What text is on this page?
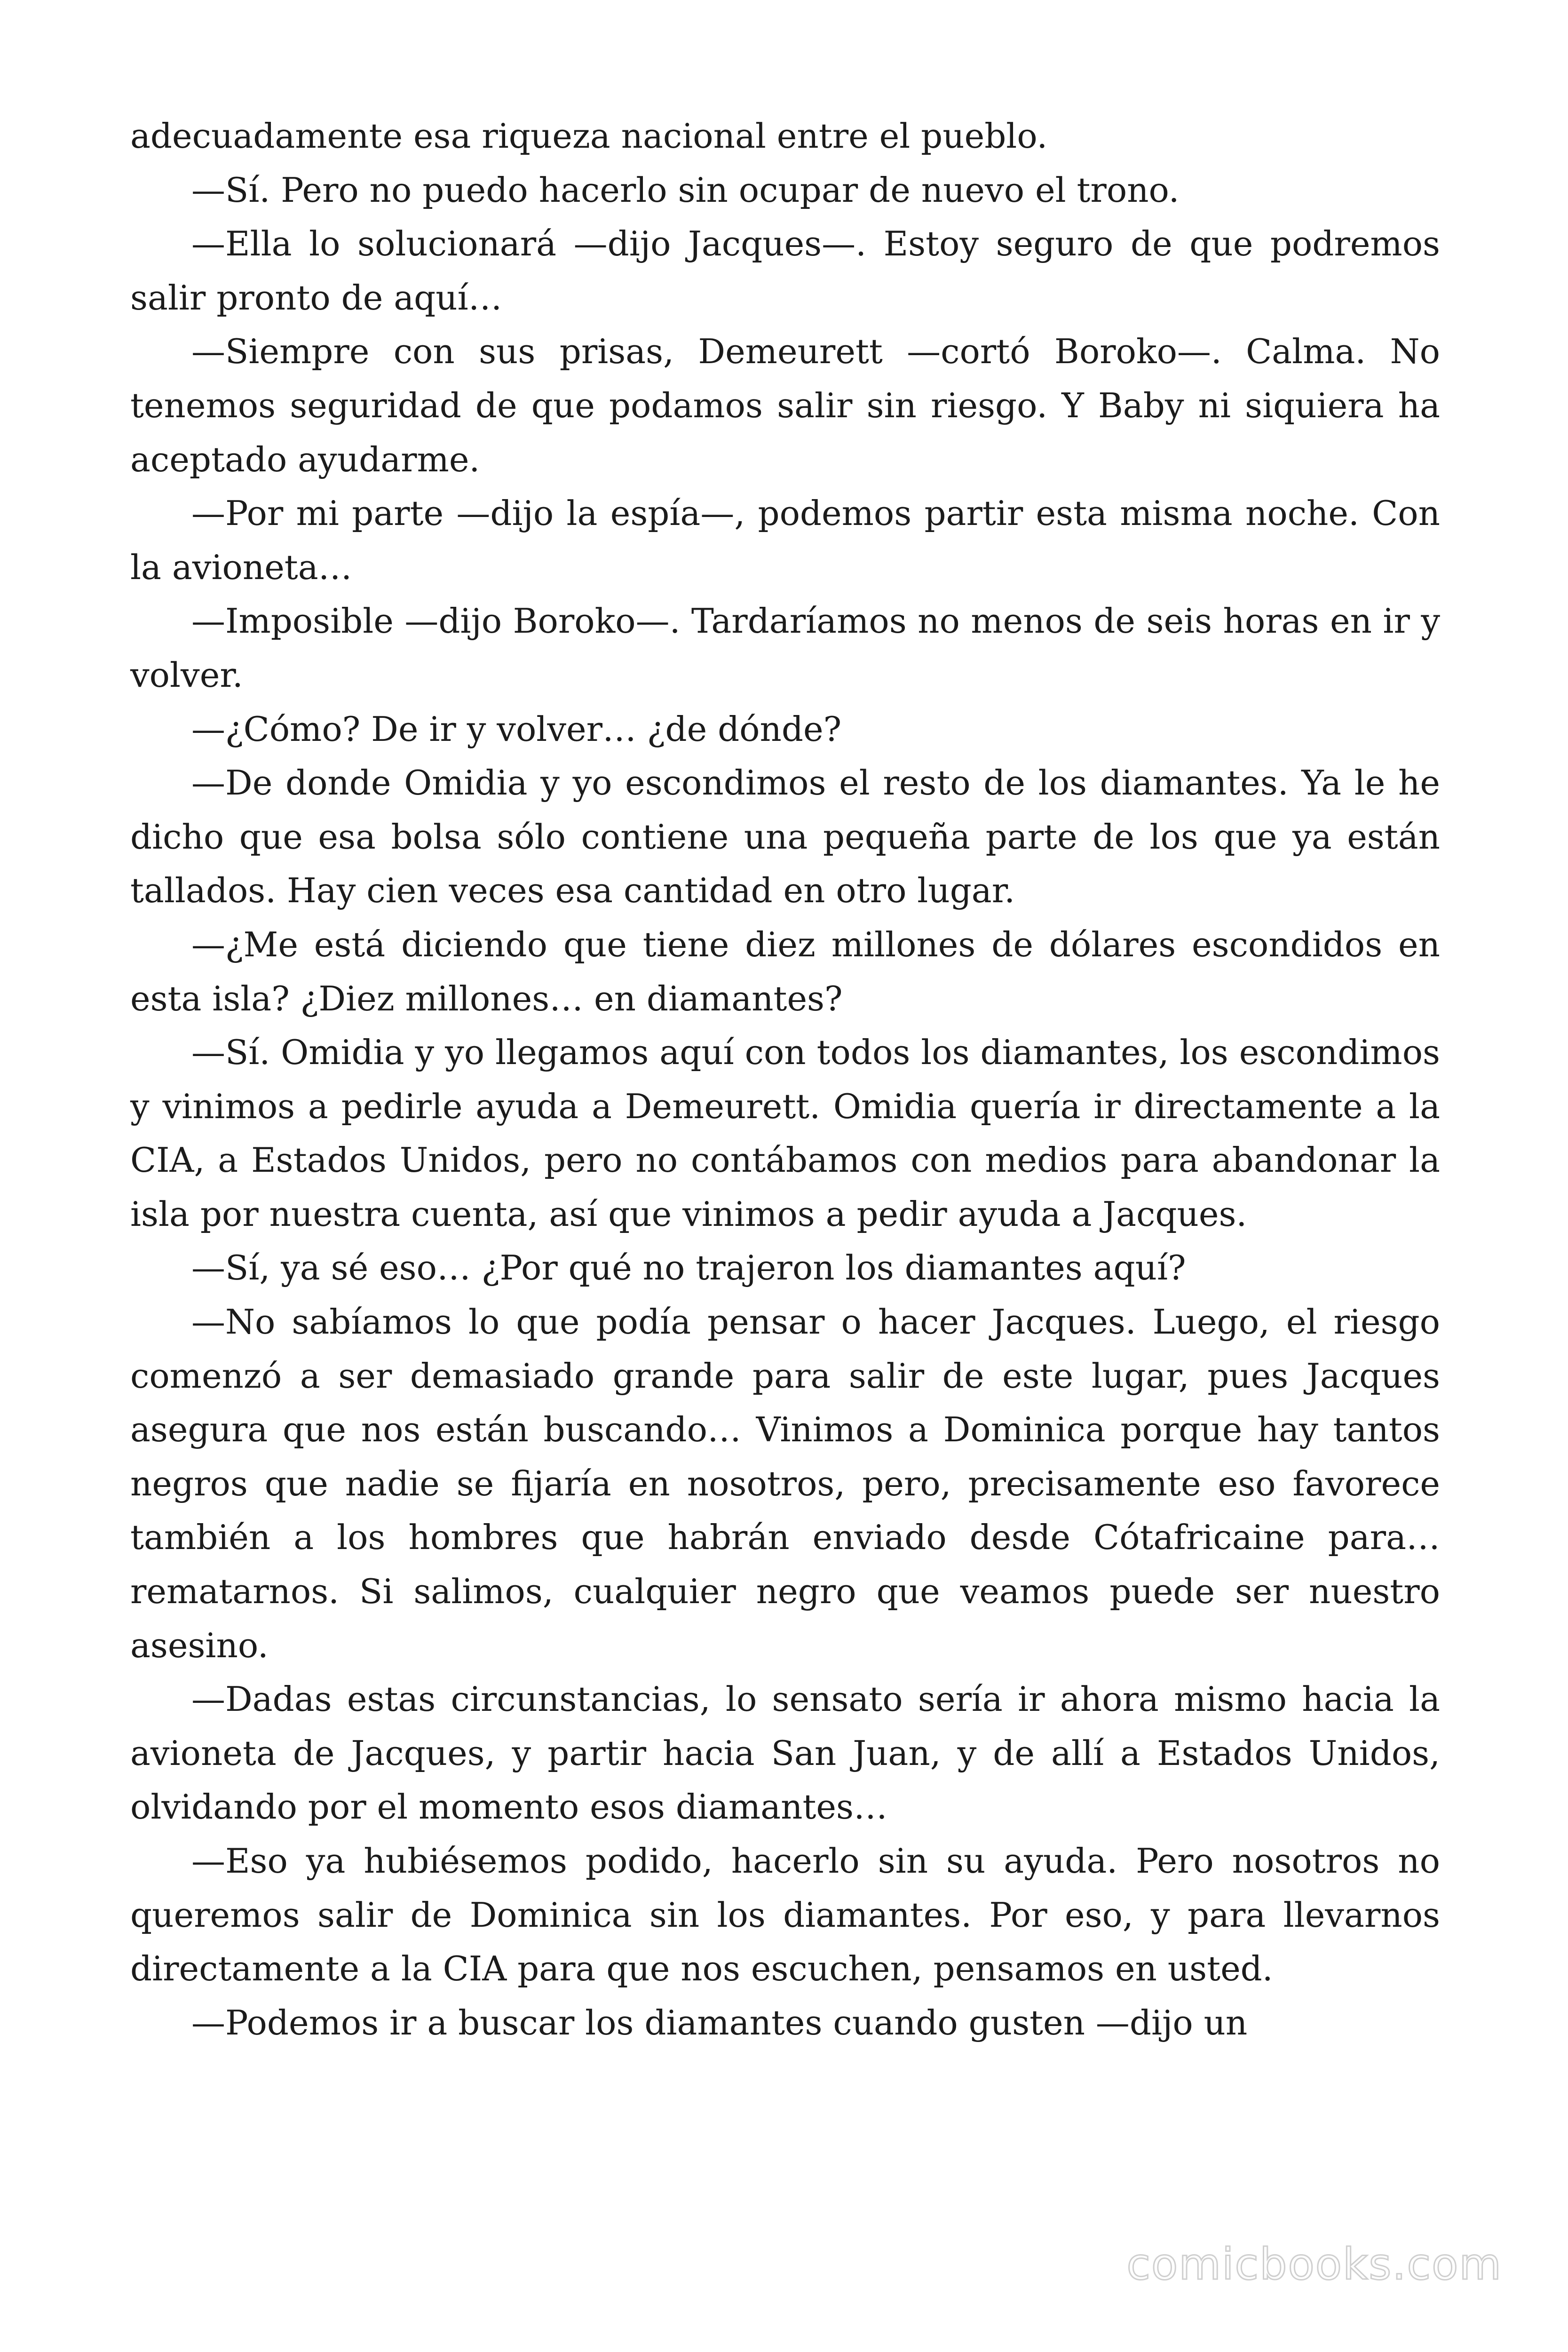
adecuadamente esa riqueza nacional entre el pueblo.

—Sí. Pero no puedo hacerlo sin ocupar de nuevo el trono.

—Ella lo solucionará —dijo Jacques—. Estoy seguro de que podremos salir pronto de aquí…

—Siempre con sus prisas, Demeurett —cortó Boroko—. Calma. No tenemos seguridad de que podamos salir sin riesgo. Y Baby ni siquiera ha aceptado ayudarme.

—Por mi parte —dijo la espía—, podemos partir esta misma noche. Con la avioneta…

—Imposible —dijo Boroko—. Tardaríamos no menos de seis horas en ir y volver.

—¿Cómo? De ir y volver… ¿de dónde?

—De donde Omidia y yo escondimos el resto de los diamantes. Ya le he dicho que esa bolsa sólo contiene una pequeña parte de los que ya están tallados. Hay cien veces esa cantidad en otro lugar.

—¿Me está diciendo que tiene diez millones de dólares escondidos en esta isla? ¿Diez millones… en diamantes?

—Sí. Omidia y yo llegamos aquí con todos los diamantes, los escondimos y vinimos a pedirle ayuda a Demeurett. Omidia quería ir directamente a la CIA, a Estados Unidos, pero no contábamos con medios para abandonar la isla por nuestra cuenta, así que vinimos a pedir ayuda a Jacques.

—Sí, ya sé eso… ¿Por qué no trajeron los diamantes aquí?

—No sabíamos lo que podía pensar o hacer Jacques. Luego, el riesgo comenzó a ser demasiado grande para salir de este lugar, pues Jacques asegura que nos están buscando… Vinimos a Dominica porque hay tantos negros que nadie se fijaría en nosotros, pero, precisamente eso favorece también a los hombres que habrán enviado desde Cótafricaine para… rematarnos. Si salimos, cualquier negro que veamos puede ser nuestro asesino.

—Dadas estas circunstancias, lo sensato sería ir ahora mismo hacia la avioneta de Jacques, y partir hacia San Juan, y de allí a Estados Unidos, olvidando por el momento esos diamantes…

—Eso ya hubiésemos podido, hacerlo sin su ayuda. Pero nosotros no queremos salir de Dominica sin los diamantes. Por eso, y para llevarnos directamente a la CIA para que nos escuchen, pensamos en usted.

—Podemos ir a buscar los diamantes cuando gusten —dijo un

comicbooks.com
